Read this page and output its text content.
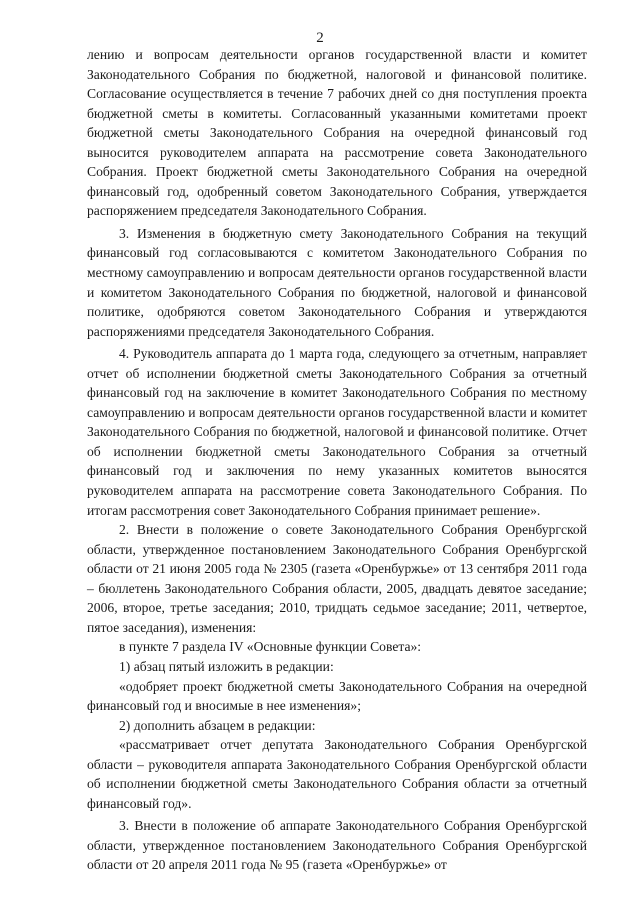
2

лению и вопросам деятельности органов государственной власти и комитет Законодательного Собрания по бюджетной, налоговой и финансовой политике. Согласование осуществляется в течение 7 рабочих дней со дня поступления проекта бюджетной сметы в комитеты. Согласованный указанными комитетами проект бюджетной сметы Законодательного Собрания на очередной финансовый год выносится руководителем аппарата на рассмотрение совета Законодательного Собрания. Проект бюджетной сметы Законодательного Собрания на очередной финансовый год, одобренный советом Законодательного Собрания, утверждается распоряжением председателя Законодательного Собрания.

3. Изменения в бюджетную смету Законодательного Собрания на текущий финансовый год согласовываются с комитетом Законодательного Собрания по местному самоуправлению и вопросам деятельности органов государственной власти и комитетом Законодательного Собрания по бюджетной, налоговой и финансовой политике, одобряются советом Законодательного Собрания и утверждаются распоряжениями председателя Законодательного Собрания.

4. Руководитель аппарата до 1 марта года, следующего за отчетным, направляет отчет об исполнении бюджетной сметы Законодательного Собрания за отчетный финансовый год на заключение в комитет Законодательного Собрания по местному самоуправлению и вопросам деятельности органов государственной власти и комитет Законодательного Собрания по бюджетной, налоговой и финансовой политике. Отчет об исполнении бюджетной сметы Законодательного Собрания за отчетный финансовый год и заключения по нему указанных комитетов выносятся руководителем аппарата на рассмотрение совета Законодательного Собрания. По итогам рассмотрения совет Законодательного Собрания принимает решение».

2. Внести в положение о совете Законодательного Собрания Оренбургской области, утвержденное постановлением Законодательного Собрания Оренбургской области от 21 июня 2005 года № 2305 (газета «Оренбуржье» от 13 сентября 2011 года – бюллетень Законодательного Собрания области, 2005, двадцать девятое заседание; 2006, второе, третье заседания; 2010, тридцать седьмое заседание; 2011, четвертое, пятое заседания), изменения:

в пункте 7 раздела IV «Основные функции Совета»:

1) абзац пятый изложить в редакции:

«одобряет проект бюджетной сметы Законодательного Собрания на очередной финансовый год и вносимые в нее изменения»;

2) дополнить абзацем в редакции:

«рассматривает отчет депутата Законодательного Собрания Оренбургской области – руководителя аппарата Законодательного Собрания Оренбургской области об исполнении бюджетной сметы Законодательного Собрания области за отчетный финансовый год».

3. Внести в положение об аппарате Законодательного Собрания Оренбургской области, утвержденное постановлением Законодательного Собрания Оренбургской области от 20 апреля 2011 года № 95 (газета «Оренбуржье» от
